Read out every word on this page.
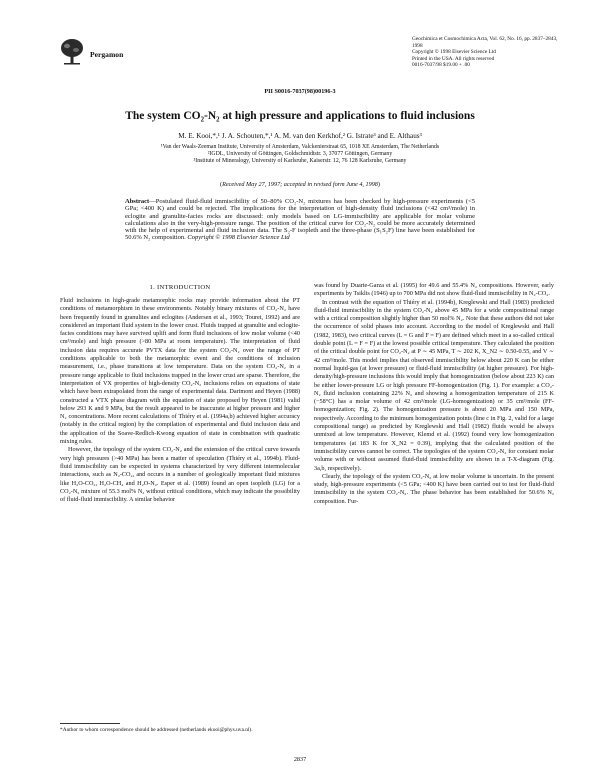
Pergamon
Geochimica et Cosmochimica Acta, Vol. 62, No. 16, pp. 2837–2843, 1998
Copyright © 1998 Elsevier Science Ltd
Printed in the USA. All rights reserved
0016-7037/98 $19.00 + .00
PII S0016-7037(98)00196-3
The system CO₂-N₂ at high pressure and applications to fluid inclusions
M. E. Kooi,*,¹ J. A. Schouten,*,¹ A. M. van den Kerkhof,² G. Istrate³ and E. Althaus³
¹Van der Waals-Zeeman Institute, University of Amsterdam, Valckenierstraat 65, 1018 XE Amsterdam, The Netherlands
²IGDL, University of Göttingen, Goldschmidtstr. 3, 37077 Göttingen, Germany
³Institute of Mineralogy, University of Karlsruhe, Kaiserstr. 12, 76 128 Karlsruhe, Germany
(Received May 27, 1997; accepted in revised form June 4, 1998)
Abstract—Postulated fluid-fluid immiscibility of 50–80% CO₂-N₂ mixtures has been checked by high-pressure experiments (<5 GPa; <400 K) and could be rejected. The implications for the interpretation of high-density fluid inclusions (<42 cm³/mole) in eclogite and granulite-facies rocks are discussed: only models based on LG-immiscibility are applicable for molar volume calculations also in the very-high-pressure range. The position of the critical curve for CO₂-N₂ could be more accurately determined with the help of experimental and fluid inclusion data. The S₂-F isopleth and the three-phase (S₁S₂F) line have been established for 50.6% N₂ composition. Copyright © 1998 Elsevier Science Ltd
1. INTRODUCTION

Fluid inclusions in high-grade metamorphic rocks may provide information about the PT conditions of metamorphism in these environments. Notably binary mixtures of CO₂-N₂ have been frequently found in granulites and eclogites (Andersen et al., 1993; Touret, 1992) and are considered an important fluid system in the lower crust. Fluids trapped at granulite and eclogite-facies conditions may have survived uplift and form fluid inclusions of low molar volume (<40 cm³/mole) and high pressure (>80 MPa at room temperature). The interpretation of fluid inclusion data requires accurate PVTX data for the system CO₂-N₂ over the range of PT conditions applicable to both the metamorphic event and the conditions of inclusion measurement, i.e., phase transitions at low temperature. Data on the system CO₂-N₂ in a pressure range applicable to fluid inclusions trapped in the lower crust are sparse. Therefore, the interpretation of VX properties of high-density CO₂-N₂ inclusions relies on equations of state which have been extrapolated from the range of experimental data. Darimont and Heyen (1988) constructed a VTX phase diagram with the equation of state proposed by Heyen (1981) valid below 293 K and 9 MPa, but the result appeared to be inaccurate at higher pressure and higher N₂ concentrations. More recent calculations of Thiéry et al. (1994a,b) achieved higher accuracy (notably in the critical region) by the compilation of experimental and fluid inclusion data and the application of the Soave-Redlich-Kwong equation of state in combination with quadratic mixing rules.

However, the topology of the system CO₂-N₂ and the extension of the critical curve towards very high pressures (>40 MPa) has been a matter of speculation (Thiéry et al., 1994b). Fluid-fluid immiscibility can be expected in systems characterized by very different intermolecular interactions, such as N₂-CO₂, and occurs in a number of geologically important fluid mixtures like H₂O-CO₂, H₂O-CH₄ and H₂O-N₂. Esper et al. (1989) found an open isopleth (LG) for a CO₂-N₂ mixture of 55.3 mol% N₂ without critical conditions, which may indicate the possibility of fluid-fluid immiscibility. A similar behavior

was found by Duarte-Garza et al. (1995) for 49.6 and 55.4% N₂ compositions. However, early experiments by Tsiklis (1946) up to 700 MPa did not show fluid-fluid immiscibility in N₂-CO₂.

In contrast with the equation of Thiéry et al. (1994b), Kreglewski and Hall (1983) predicted fluid-fluid immiscibility in the system CO₂-N₂ above 45 MPa for a wide compositional range with a critical composition slightly higher than 50 mol% N₂. Note that these authors did not take the occurrence of solid phases into account. According to the model of Kreglewski and Hall (1982, 1983), two critical curves (L = G and F = F) are defined which meet in a so-called critical double point (L = F = F) at the lowest possible critical temperature. They calculated the position of the critical double point for CO₂-N₂ at P ∼ 45 MPa, T ∼ 202 K, X_N2 ∼ 0.50-0.55, and V ∼ 42 cm³/mole. This model implies that observed immiscibility below about 220 K can be either normal liquid-gas (at lower pressure) or fluid-fluid immiscibility (at higher pressure). For high-density/high-pressure inclusions this would imply that homogenization (below about 223 K) can be either lower-pressure LG or high pressure FF-homogenization (Fig. 1). For example: a CO₂-N₂ fluid inclusion containing 22% N₂ and showing a homogenization temperature of 215 K (−58°C) has a molar volume of 42 cm³/mole (LG-homogenization) or 35 cm³/mole (FF-homogenization; Fig. 2). The homogenization pressure is about 20 MPa and 150 MPa, respectively. According to the minimum homogenization points (line c in Fig. 2, valid for a large compositional range) as predicted by Kreglewski and Hall (1982) fluids would be always unmixed at low temperature. However, Klemd et al. (1992) found very low homogenization temperatures (at 183 K for X_N2 = 0.39), implying that the calculated position of the immiscibility curves cannot be correct. The topologies of the system CO₂-N₂ for constant molar volume with or without assumed fluid-fluid immiscibility are shown in a T-X-diagram (Fig. 3a,b, respectively).

Clearly, the topology of the system CO₂-N₂ at low molar volume is uncertain. In the present study, high-pressure experiments (<5 GPa; <400 K) have been carried out to test for fluid-fluid immiscibility in the system CO₂-N₂. The phase behavior has been established for 50.6% N₂ composition. Fur-

*Author to whom correspondence should be addressed (netherlands ekooi@phys.uva.nl).
2837
